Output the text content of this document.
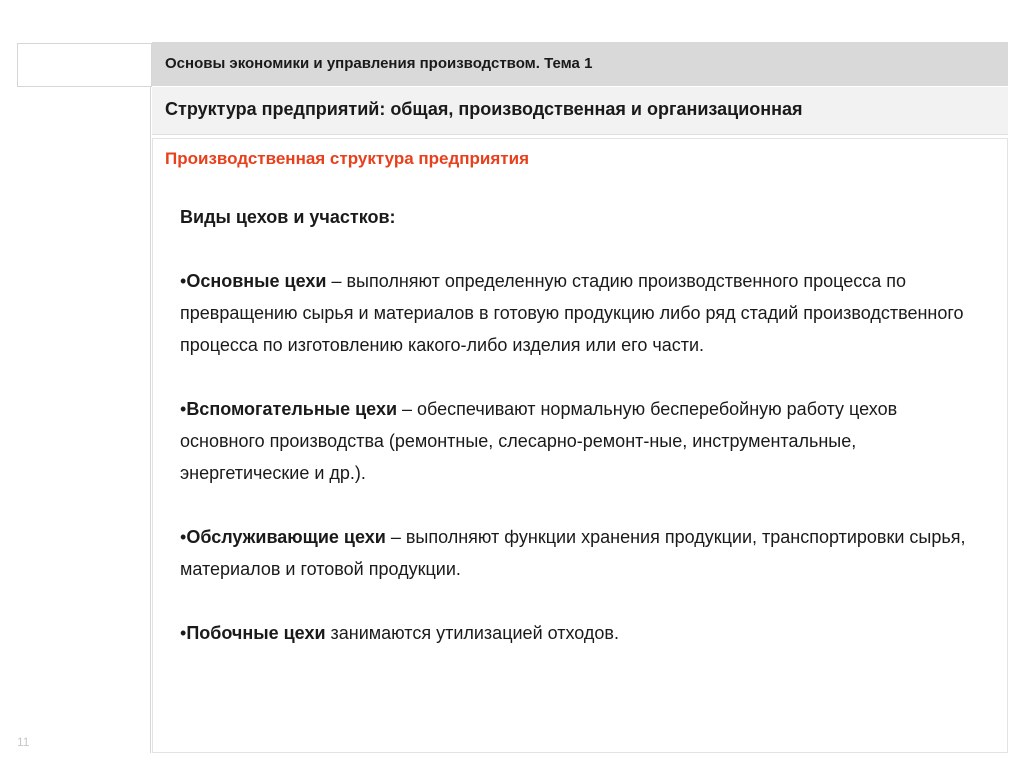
Основы экономики и управления производством. Тема 1
Структура предприятий: общая, производственная и организационная
Производственная структура предприятия
Виды цехов и участков:
•Основные цехи – выполняют определенную стадию производственного процесса по превращению сырья и материалов в готовую продукцию либо ряд стадий производственного процесса по изготовлению какого-либо изделия или его части.
•Вспомогательные цехи – обеспечивают нормальную бесперебойную работу цехов основного производства (ремонтные, слесарно-ремонт-ные, инструментальные, энергетические и др.).
•Обслуживающие цехи – выполняют функции хранения продукции, транспортировки сырья, материалов и готовой продукции.
•Побочные цехи занимаются утилизацией отходов.
11
